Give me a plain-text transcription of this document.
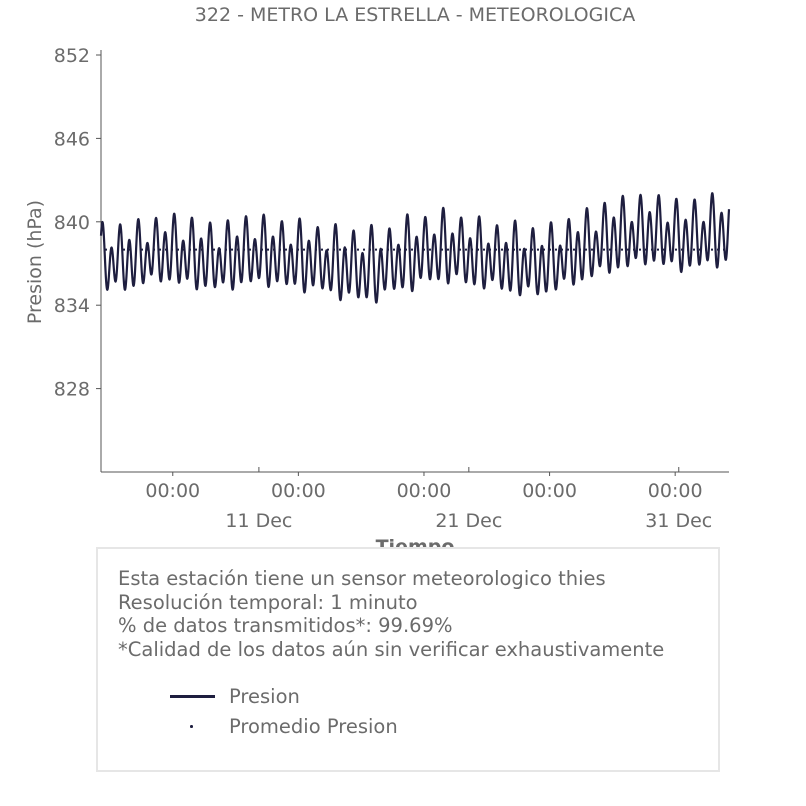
322 - METRO LA ESTRELLA - METEOROLOGICA
828
834
840
846
852
00:00	00:00	00:00	00:00	00:00
11 Dec	21 Dec	31 Dec
Presion (hPa)
Esta estación tiene un sensor meteorologico thies
Resolución temporal: 1 minuto
% de datos transmitidos*: 99.69%
*Calidad de los datos aún sin verificar exhaustivamente
Presion
Promedio Presion
